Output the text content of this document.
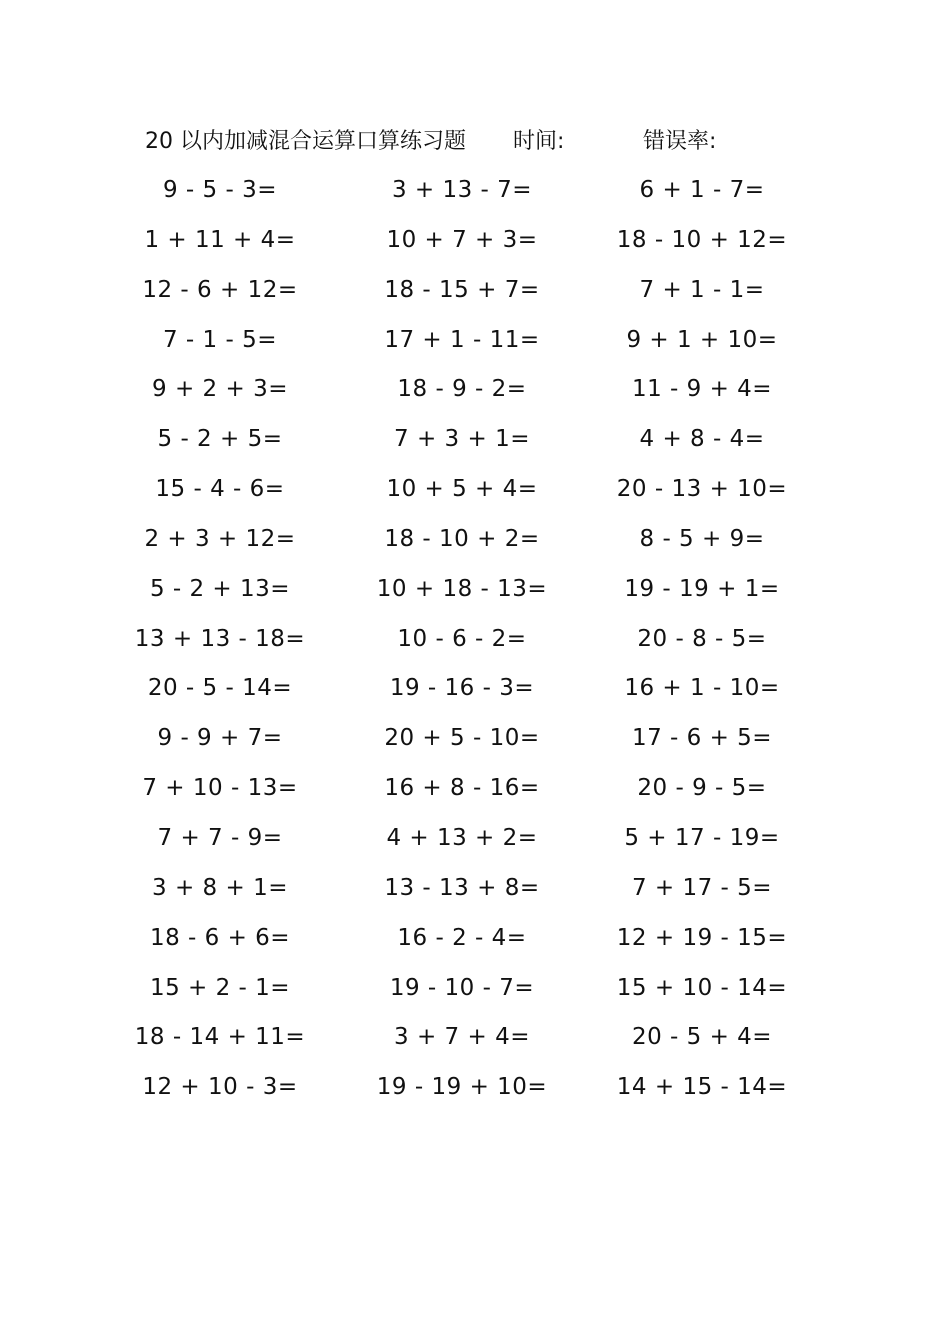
20 以内加减混合运算口算练习题 时间:	错误率:
9 - 5 - 3=	3 + 13 - 7=	6 + 1 - 7=
1 + 11 + 4=	10 + 7 + 3=	18 - 10 + 12=
12 - 6 + 12=	18 - 15 + 7=	7 + 1 - 1=
7 - 1 - 5=	17 + 1 - 11=	9 + 1 + 10=
9 + 2 + 3=	18 - 9 - 2=	11 - 9 + 4=
5 - 2 + 5=	7 + 3 + 1=	4 + 8 - 4=
15 - 4 - 6=	10 + 5 + 4=	20 - 13 + 10=
2 + 3 + 12=	18 - 10 + 2=	8 - 5 + 9=
5 - 2 + 13=	10 + 18 - 13=	19 - 19 + 1=
13 + 13 - 18=	10 - 6 - 2=	20 - 8 - 5=
20 - 5 - 14=	19 - 16 - 3=	16 + 1 - 10=
9 - 9 + 7=	20 + 5 - 10=	17 - 6 + 5=
7 + 10 - 13=	16 + 8 - 16=	20 - 9 - 5=
7 + 7 - 9=	4 + 13 + 2=	5 + 17 - 19=
3 + 8 + 1=	13 - 13 + 8=	7 + 17 - 5=
18 - 6 + 6=	16 - 2 - 4=	12 + 19 - 15=
15 + 2 - 1=	19 - 10 - 7=	15 + 10 - 14=
18 - 14 + 11=	3 + 7 + 4=	20 - 5 + 4=
12 + 10 - 3=	19 - 19 + 10=	14 + 15 - 14=
